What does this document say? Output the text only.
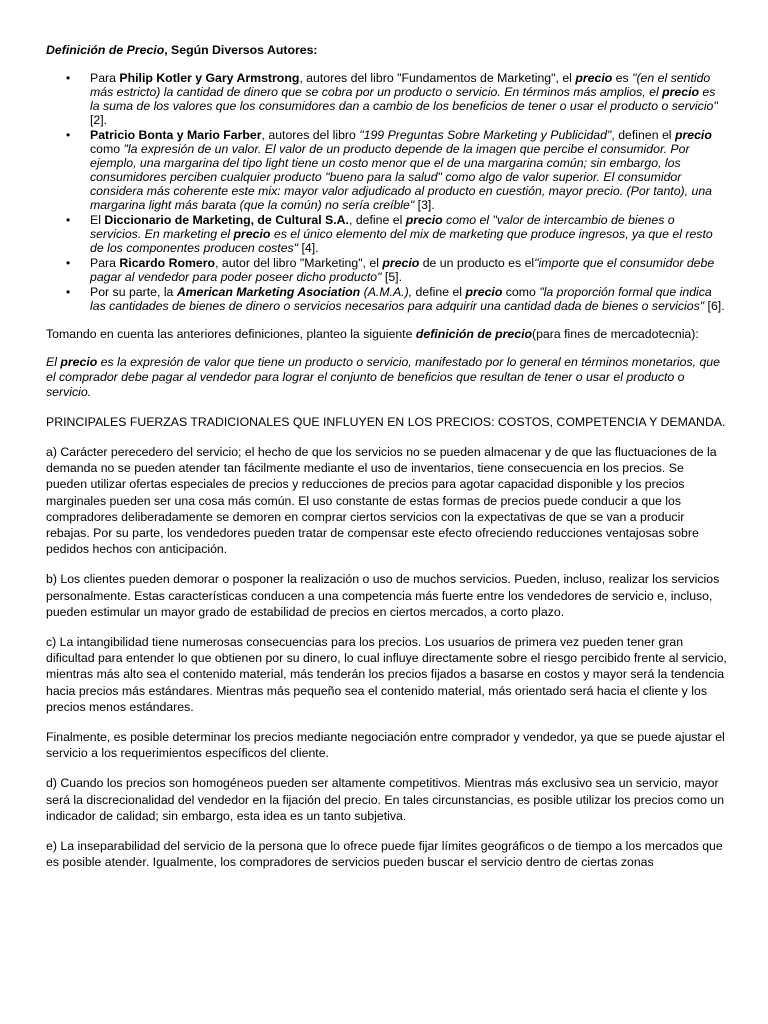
Definición de Precio, Según Diversos Autores:

• Para Philip Kotler y Gary Armstrong, autores del libro "Fundamentos de Marketing", el precio es "(en el sentido más estricto) la cantidad de dinero que se cobra por un producto o servicio. En términos más amplios, el precio es la suma de los valores que los consumidores dan a cambio de los beneficios de tener o usar el producto o servicio" [2].
• Patricio Bonta y Mario Farber, autores del libro "199 Preguntas Sobre Marketing y Publicidad", definen el precio como "la expresión de un valor. El valor de un producto depende de la imagen que percibe el consumidor. Por ejemplo, una margarina del tipo light tiene un costo menor que el de una margarina común; sin embargo, los consumidores perciben cualquier producto "bueno para la salud" como algo de valor superior. El consumidor considera más coherente este mix: mayor valor adjudicado al producto en cuestión, mayor precio. (Por tanto), una margarina light más barata (que la común) no sería creíble" [3].
• El Diccionario de Marketing, de Cultural S.A., define el precio como el "valor de intercambio de bienes o servicios. En marketing el precio es el único elemento del mix de marketing que produce ingresos, ya que el resto de los componentes producen costes" [4].
• Para Ricardo Romero, autor del libro "Marketing", el precio de un producto es el"importe que el consumidor debe pagar al vendedor para poder poseer dicho producto" [5].
• Por su parte, la American Marketing Asociation (A.M.A.), define el precio como "la proporción formal que indica las cantidades de bienes de dinero o servicios necesarios para adquirir una cantidad dada de bienes o servicios" [6].

Tomando en cuenta las anteriores definiciones, planteo la siguiente definición de precio(para fines de mercadotecnia):

El precio es la expresión de valor que tiene un producto o servicio, manifestado por lo general en términos monetarios, que el comprador debe pagar al vendedor para lograr el conjunto de beneficios que resultan de tener o usar el producto o servicio.

PRINCIPALES FUERZAS TRADICIONALES QUE INFLUYEN EN LOS PRECIOS: COSTOS, COMPETENCIA Y DEMANDA.

a) Carácter perecedero del servicio; el hecho de que los servicios no se pueden almacenar y de que las fluctuaciones de la demanda no se pueden atender tan fácilmente mediante el uso de inventarios, tiene consecuencia en los precios. Se pueden utilizar ofertas especiales de precios y reducciones de precios para agotar capacidad disponible y los precios marginales pueden ser una cosa más común. El uso constante de estas formas de precios puede conducir a que los compradores deliberadamente se demoren en comprar ciertos servicios con la expectativas de que se van a producir rebajas. Por su parte, los vendedores pueden tratar de compensar este efecto ofreciendo reducciones ventajosas sobre pedidos hechos con anticipación.

b) Los clientes pueden demorar o posponer la realización o uso de muchos servicios. Pueden, incluso, realizar los servicios personalmente. Estas características conducen a una competencia más fuerte entre los vendedores de servicio e, incluso, pueden estimular un mayor grado de estabilidad de precios en ciertos mercados, a corto plazo.

c) La intangibilidad tiene numerosas consecuencias para los precios. Los usuarios de primera vez pueden tener gran dificultad para entender lo que obtienen por su dinero, lo cual influye directamente sobre el riesgo percibido frente al servicio, mientras más alto sea el contenido material, más tenderán los precios fijados a basarse en costos y mayor será la tendencia hacia precios más estándares. Mientras más pequeño sea el contenido material, más orientado será hacia el cliente y los precios menos estándares.

Finalmente, es posible determinar los precios mediante negociación entre comprador y vendedor, ya que se puede ajustar el servicio a los requerimientos específicos del cliente.

d) Cuando los precios son homogéneos pueden ser altamente competitivos. Mientras más exclusivo sea un servicio, mayor será la discrecionalidad del vendedor en la fijación del precio. En tales circunstancias, es posible utilizar los precios como un indicador de calidad; sin embargo, esta idea es un tanto subjetiva.

e) La inseparabilidad del servicio de la persona que lo ofrece puede fijar límites geográficos o de tiempo a los mercados que es posible atender. Igualmente, los compradores de servicios pueden buscar el servicio dentro de ciertas zonas
